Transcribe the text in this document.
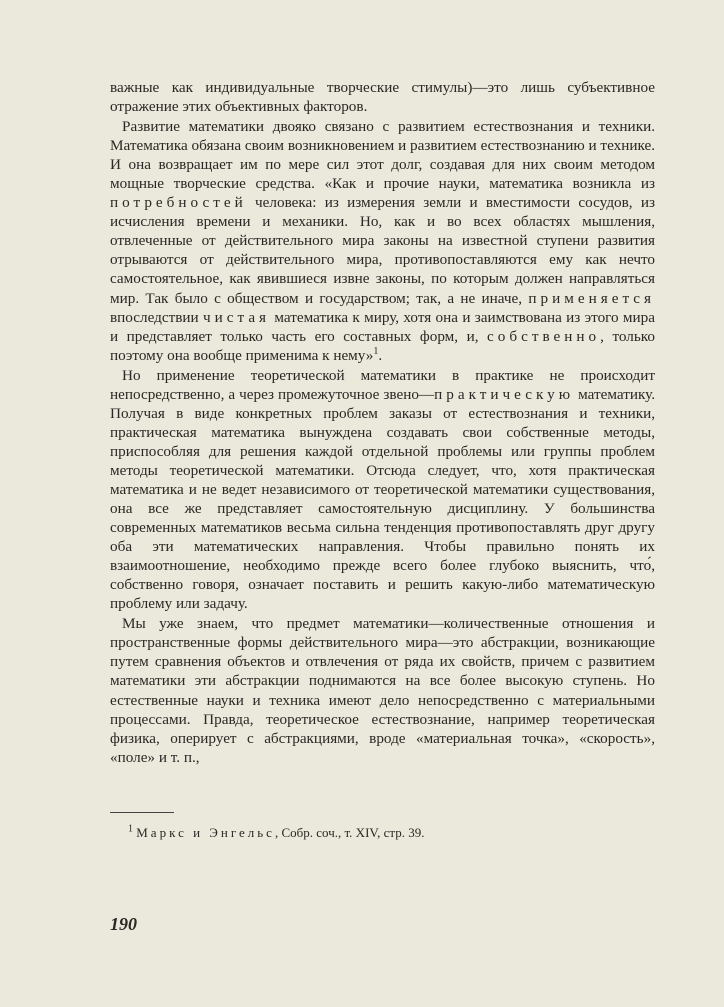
важные как индивидуальные творческие стимулы)—это лишь субъективное отражение этих объективных факторов.

Развитие математики двояко связано с развитием естествознания и техники. Математика обязана своим возникновением и развитием естествознанию и технике. И она возвращает им по мере сил этот долг, создавая для них своим методом мощные творческие средства. «Как и прочие науки, математика возникла из потребностей человека: из измерения земли и вместимости сосудов, из исчисления времени и механики. Но, как и во всех областях мышления, отвлеченные от действительного мира законы на известной ступени развития отрываются от действительного мира, противопоставляются ему как нечто самостоятельное, как явившиеся извне законы, по которым должен направляться мир. Так было с обществом и государством; так, а не иначе, применяется впоследствии чистая математика к миру, хотя она и заимствована из этого мира и представляет только часть его составных форм, и, собственно, только поэтому она вообще применима к нему»$^1$.

Но применение теоретической математики в практике не происходит непосредственно, а через промежуточное звено—практическую математику. Получая в виде конкретных проблем заказы от естествознания и техники, практическая математика вынуждена создавать свои собственные методы, приспособляя для решения каждой отдельной проблемы или группы проблем методы теоретической математики. Отсюда следует, что, хотя практическая математика и не ведет независимого от теоретической математики существования, она все же представляет самостоятельную дисциплину. У большинства современных математиков весьма сильна тенденция противопоставлять друг другу оба эти математических направления. Чтобы правильно понять их взаимоотношение, необходимо прежде всего более глубоко выяснить, что́, собственно говоря, означает поставить и решить какую-либо математическую проблему или задачу.

Мы уже знаем, что предмет математики—количественные отношения и пространственные формы действительного мира—это абстракции, возникающие путем сравнения объектов и отвлечения от ряда их свойств, причем с развитием математики эти абстракции поднимаются на все более высокую ступень. Но естественные науки и техника имеют дело непосредственно с материальными процессами. Правда, теоретическое естествознание, например теоретическая физика, оперирует с абстракциями, вроде «материальная точка», «скорость», «поле» и т. п.,

$^1$ Маркс и Энгельс, Собр. соч., т. XIV, стр. 39.
190
